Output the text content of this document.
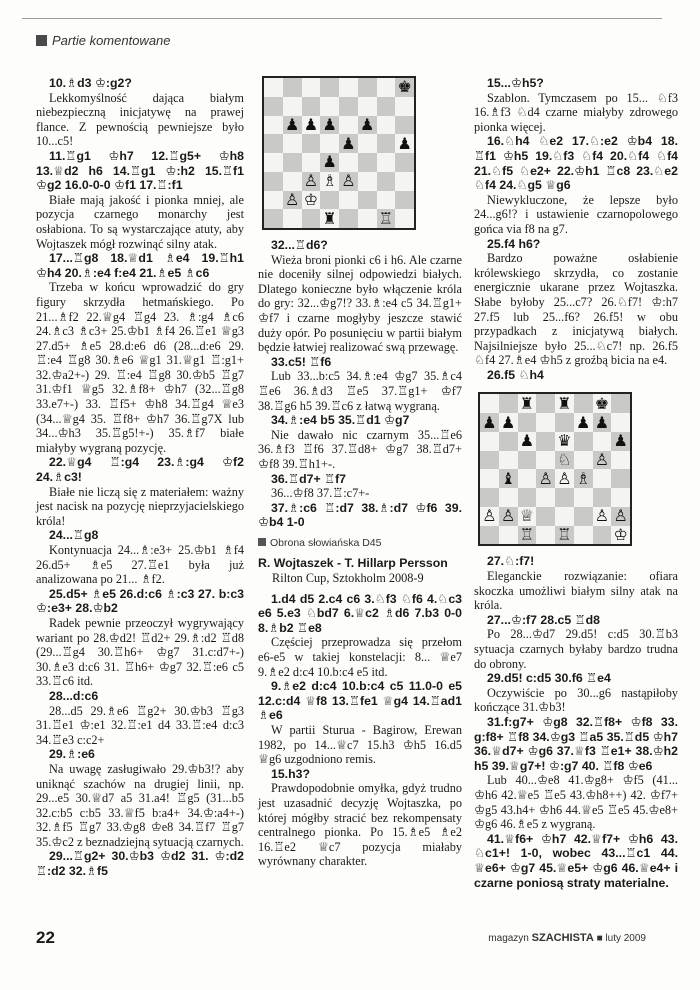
Partie komentowane

10.♗d3 ♔:g2?

Lekkomyślność dająca białym niebezpieczną inicjatywę na prawej flance. Z pewnością pewniejsze było 10...c5!

11.♖g1 ♔h7 12.♖g5+ ♔h8 13.♕d2 h6 14.♖g1 ♔:h2 15.♖f1 ♔g2 16.0-0-0 ♔f1 17.♖:f1

Białe mają jakość i pionka mniej, ale pozycja czarnego monarchy jest osłabiona. To są wystarczające atuty, aby Wojtaszek mógł rozwinąć silny atak.

17...♖g8 18.♕d1 ♗e4 19.♖h1 ♔h4 20.♗:e4 f:e4 21.♗e5 ♗c6

Trzeba w końcu wprowadzić do gry figury skrzydła hetmańskiego. Po 21...♗f2 22.♕g4 ♖g4 23. ♗:g4 ♗c6 24.♗c3 ♗c3+ 25.♔b1 ♗f4 26.♖e1 ♕g3 27.d5+ ♗e5 28.d:e6 d6 (28...d:e6 29. ♖:e4 ♖g8 30.♗e6 ♕g1 31.♕g1 ♖:g1+ 32.♔a2+-) 29. ♖:e4 ♖g8 30.♔b5 ♖g7 31.♔f1 ♕g5 32.♗f8+ ♔h7 (32...♖g8 33.e7+-) 33. ♖f5+ ♔h8 34.♖g4 ♕e3 (34...♕g4 35. ♖f8+ ♔h7 36.♖g7X lub 34...♔h3 35.♖g5!+-) 35.♗f7 białe miałyby wygraną pozycję.

22.♕g4 ♖:g4 23.♗:g4 ♔f2 24.♗c3!

Białe nie liczą się z materiałem: ważny jest nacisk na pozycję nieprzyjacielskiego króla!

24...♖g8

Kontynuacja 24...♗:e3+ 25.♔b1 ♗f4 26.d5+ ♗e5 27.♖e1 była już analizowana po 21... ♗f2.

25.d5+ ♗e5 26.d:c6 ♗:c3 27. b:c3 ♔:e3+ 28.♔b2

Radek pewnie przeoczył wygrywający wariant po 28.♔d2! ♖d2+ 29.♗:d2 ♖d8 (29...♖g4 30.♖h6+ ♔g7 31.c:d7+-) 30.♗e3 d:c6 31. ♖h6+ ♔g7 32.♖:e6 c5 33.♖c6 itd.

28...d:c6

28...d5 29.♗e6 ♖g2+ 30.♔b3 ♖g3 31.♖e1 ♔:e1 32.♖:e1 d4 33.♖:e4 d:c3 34.♖e3 c:c2+

29.♗:e6

Na uwagę zasługiwało 29.♔b3!? aby uniknąć szachów na drugiej linii, np. 29...e5 30.♕d7 a5 31.a4! ♖g5 (31...b5 32.c:b5 c:b5 33.♕f5 b:a4+ 34.♔:a4+-) 32.♗f5 ♖g7 33.♔g8 ♔e8 34.♖f7 ♖g7 35.♔c2 z beznadziejną sytuacją czarnych.

29...♖g2+ 30.♔b3 ♔d2 31. ♔:d2 ♖:d2 32.♗f5

♚
♟ ♟ ♟ ♟
♟	♟
♟
♙ ♗ ♙
♙ ♔
♜	♖

32...♖d6?

Wieża broni pionki c6 i h6. Ale czarne nie doceniły silnej odpowiedzi białych. Dlatego konieczne było włączenie króla do gry: 32...♔g7!? 33.♗:e4 c5 34.♖g1+ ♔f7 i czarne mogłyby jeszcze stawić duży opór. Po posunięciu w partii białym będzie łatwiej realizować swą przewagę.

33.c5! ♖f6

Lub 33...b:c5 34.♗:e4 ♔g7 35.♗c4 ♖e6 36.♗d3 ♖e5 37.♖g1+ ♔f7 38.♖g6 h5 39.♖c6 z łatwą wygraną.

34.♗:e4 b5 35.♖d1 ♔g7

Nie dawało nic czarnym 35...♖e6 36.♗f3 ♖f6 37.♖d8+ ♔g7 38.♖d7+ ♔f8 39.♖h1+-.

36.♖d7+ ♖f7

36...♔f8 37.♖:c7+-

37.♗:c6 ♖:d7 38.♗:d7 ♔f6 39. ♔b4 1-0

Obrona słowiańska D45

R. Wojtaszek - T. Hillarp Persson

Rilton Cup, Sztokholm 2008-9

1.d4 d5 2.c4 c6 3.♘f3 ♘f6 4.♘c3 e6 5.e3 ♘bd7 6.♕c2 ♗d6 7.b3 0-0 8.♗b2 ♖e8

Częściej przeprowadza się przełom e6-e5 w takiej konstelacji: 8... ♕e7 9.♗e2 d:c4 10.b:c4 e5 itd.

9.♗e2 d:c4 10.b:c4 c5 11.0-0 e5 12.c:d4 ♕f8 13.♖fe1 ♕g4 14.♖ad1 ♗e6

W partii Sturua - Bagirow, Erewan 1982, po 14...♕c7 15.h3 ♔h5 16.d5 ♕g6 uzgodniono remis.

15.h3?

Prawdopodobnie omyłka, gdyż trudno jest uzasadnić decyzję Wojtaszka, po której mógłby stracić bez rekompensaty centralnego pionka. Po 15.♗e5 ♗e2 16.♖e2 ♕c7 pozycja miałaby wyrównany charakter.

15...♔h5?

Szablon. Tymczasem po 15... ♘f3 16.♗f3 ♘d4 czarne miałyby zdrowego pionka więcej.

16.♘h4 ♘e2 17.♘:e2 ♔b4 18. ♖f1 ♔h5 19.♘f3 ♘f4 20.♘f4 ♘f4 21.♘f5 ♘e2+ 22.♔h1 ♖c8 23.♘e2 ♘f4 24.♘g5 ♕g6

Niewykluczone, że lepsze było 24...g6!? i ustawienie czarnopolowego gońca via f8 na g7.

25.f4 h6?

Bardzo poważne osłabienie królewskiego skrzydła, co zostanie energicznie ukarane przez Wojtaszka. Słabe byłoby 25...c7? 26.♘f7! ♔:h7 27.f5 lub 25...f6? 26.f5! w obu przypadkach z inicjatywą białych. Najsilniejsze było 25...♘c7! np. 26.f5 ♘f4 27.♗e4 ♔h5 z groźbą bicia na e4.

26.f5 ♘h4

♜ ♜ ♚
♟ ♟	♟ ♟
♟ ♛	♟
♘ ♙
♝ ♙ ♙ ♗
♙ ♙ ♕	♙ ♙
♖ ♖	♔

27.♘:f7!

Eleganckie rozwiązanie: ofiara skoczka umożliwi białym silny atak na króla.

27...♔:f7 28.c5 ♖d8

Po 28...♔d7 29.d5! c:d5 30.♖b3 sytuacja czarnych byłaby bardzo trudna do obrony.

29.d5! c:d5 30.f6 ♖e4

Oczywiście po 30...g6 nastąpiłoby kończące 31.♔b3!

31.f:g7+ ♔g8 32.♖f8+ ♔f8 33. g:f8+ ♖f8 34.♔g3 ♖a5 35.♖d5 ♔h7 36.♕d7+ ♔g6 37.♕f3 ♖e1+ 38.♔h2 h5 39.♕g7+! ♔:g7 40. ♖f8 ♔e6

Lub 40...♔e8 41.♔g8+ ♔f5 (41... ♔h6 42.♕e5 ♖e5 43.♔h8++) 42. ♔f7+ ♔g5 43.h4+ ♔h6 44.♕e5 ♖e5 45.♔e8+ ♔g6 46.♗e5 z wygraną.

41.♕f6+ ♔h7 42.♕f7+ ♔h6 43. ♘c1+! 1-0, wobec 43...♖c1 44. ♕e6+ ♔g7 45.♕e5+ ♔g6 46.♕e4+ i czarne poniosą straty materialne.

22	magazyn SZACHISTA ■ luty 2009
